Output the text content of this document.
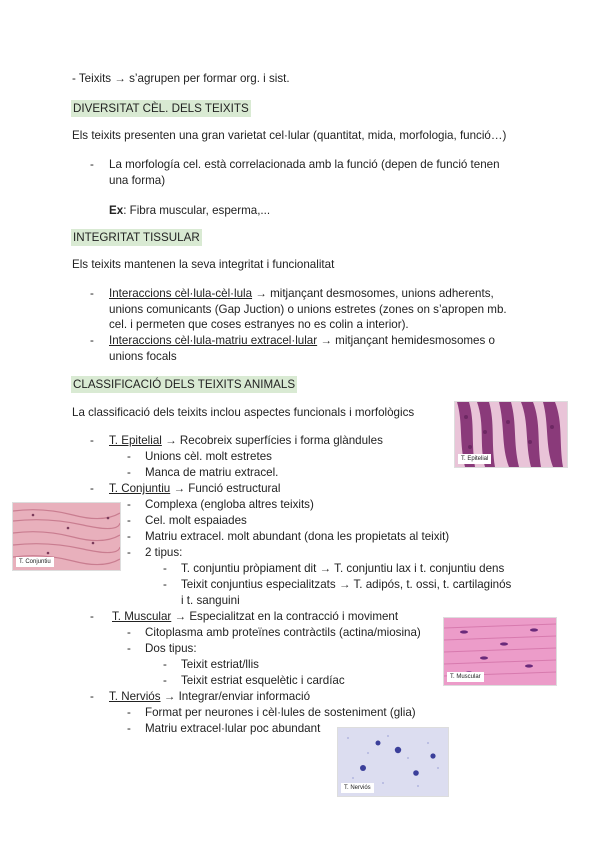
- Teixits → s’agrupen per formar org. i sist.
DIVERSITAT CÈL. DELS TEIXITS
Els teixits presenten una gran varietat cel·lular (quantitat, mida, morfologia, funció…)
- La morfología cel. està correlacionada amb la funció (depen de funció tenen
una forma)
Ex: Fibra muscular, esperma,...
INTEGRITAT TISSULAR
Els teixits mantenen la seva integritat i funcionalitat
- Interaccions cèl·lula-cèl·lula → mitjançant desmosomes, unions adherents,
unions comunicants (Gap Juction) o unions estretes (zones on s’apropen mb.
cel. i permeten que coses estranyes no es colin a interior).
- Interaccions cèl·lula-matriu extracel·lular → mitjançant hemidesmosomes o
unions focals
CLASSIFICACIÓ DELS TEIXITS ANIMALS
La classificació dels teixits inclou aspectes funcionals i morfològics
- T. Epitelial → Recobreix superfícies i forma glàndules
- Unions cèl. molt estretes
- Manca de matriu extracel.
- T. Conjuntiu → Funció estructural
- Complexa (engloba altres teixits)
- Cel. molt espaiades
- Matriu extracel. molt abundant (dona les propietats al teixit)
- 2 tipus:
- T. conjuntiu pròpiament dit → T. conjuntiu lax i t. conjuntiu dens
- Teixit conjuntius especialitzats → T. adipós, t. ossi, t. cartilaginós
i t. sanguini
- T. Muscular → Especialitzat en la contracció i moviment
- Citoplasma amb proteïnes contràctils (actina/miosina)
- Dos tipus:
- Teixit estriat/llis
- Teixit estriat esquelètic i cardíac
- T. Nerviós → Integrar/enviar informació
- Format per neurones i cèl·lules de sosteniment (glia)
- Matriu extracel·lular poc abundant
T. Epitelial
T. Conjuntiu
T. Muscular
T. Nerviós
